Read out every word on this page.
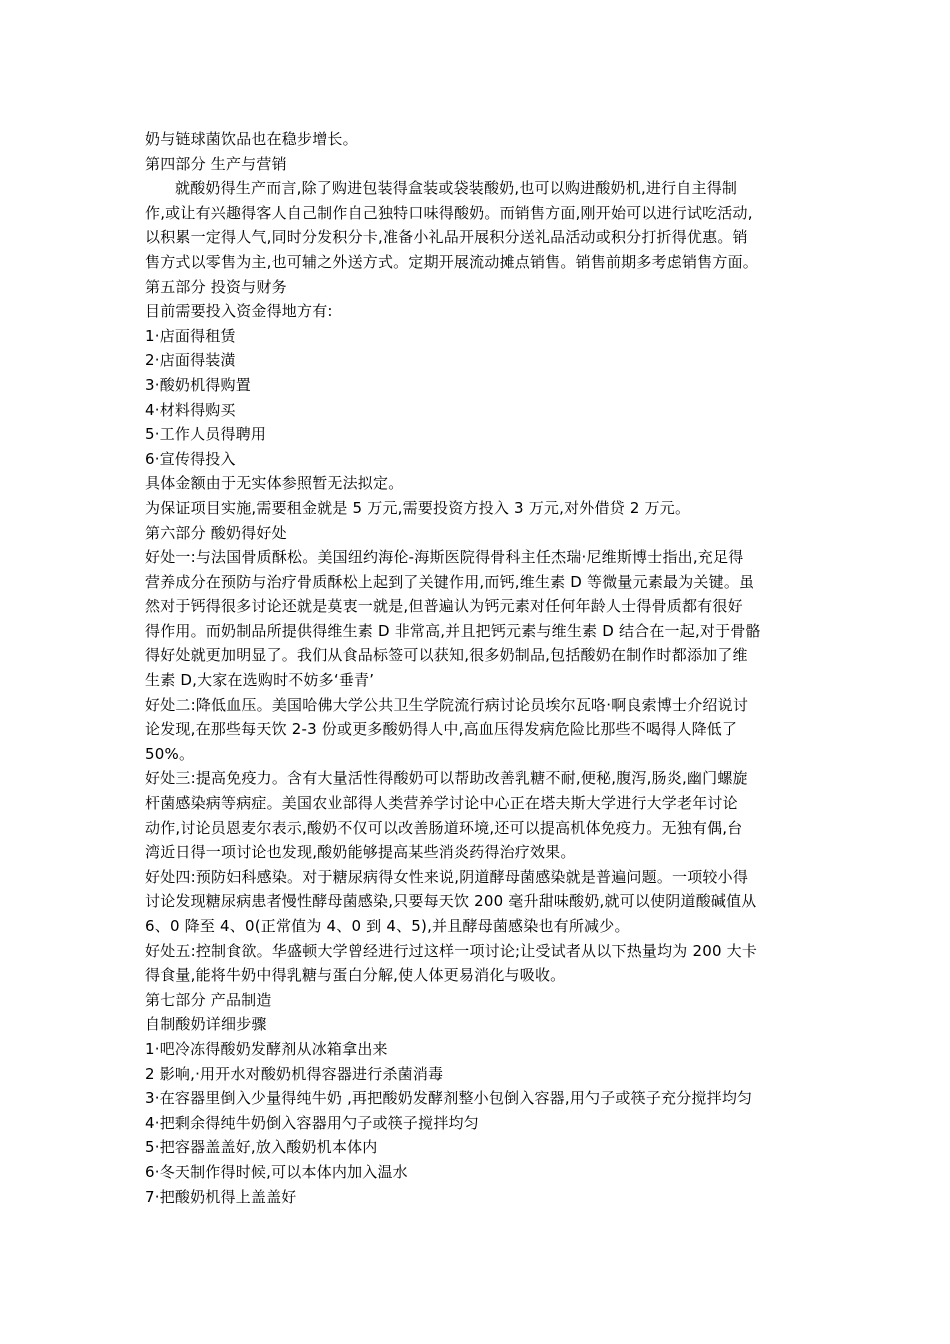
奶与链球菌饮品也在稳步增长。
第四部分 生产与营销
就酸奶得生产而言,除了购进包装得盒装或袋装酸奶,也可以购进酸奶机,进行自主得制
作,或让有兴趣得客人自己制作自己独特口味得酸奶。而销售方面,刚开始可以进行试吃活动,
以积累一定得人气,同时分发积分卡,准备小礼品开展积分送礼品活动或积分打折得优惠。销
售方式以零售为主,也可辅之外送方式。定期开展流动摊点销售。销售前期多考虑销售方面。
第五部分 投资与财务
目前需要投入资金得地方有:
1·店面得租赁
2·店面得装潢
3·酸奶机得购置
4·材料得购买
5·工作人员得聘用
6·宣传得投入
具体金额由于无实体参照暂无法拟定。
为保证项目实施,需要租金就是 5 万元,需要投资方投入 3 万元,对外借贷 2 万元。
第六部分 酸奶得好处
好处一:与法国骨质酥松。美国纽约海伦-海斯医院得骨科主任杰瑞·尼维斯博士指出,充足得
营养成分在预防与治疗骨质酥松上起到了关键作用,而钙,维生素 D 等微量元素最为关键。虽
然对于钙得很多讨论还就是莫衷一就是,但普遍认为钙元素对任何年龄人士得骨质都有很好
得作用。而奶制品所提供得维生素 D 非常高,并且把钙元素与维生素 D 结合在一起,对于骨骼
得好处就更加明显了。我们从食品标签可以获知,很多奶制品,包括酸奶在制作时都添加了维
生素 D,大家在选购时不妨多‘垂青’
好处二:降低血压。美国哈佛大学公共卫生学院流行病讨论员埃尔瓦咯·啊良索博士介绍说讨
论发现,在那些每天饮 2-3 份或更多酸奶得人中,高血压得发病危险比那些不喝得人降低了
50%。
好处三:提高免疫力。含有大量活性得酸奶可以帮助改善乳糖不耐,便秘,腹泻,肠炎,幽门螺旋
杆菌感染病等病症。美国农业部得人类营养学讨论中心正在塔夫斯大学进行大学老年讨论
动作,讨论员恩麦尔表示,酸奶不仅可以改善肠道环境,还可以提高机体免疫力。无独有偶,台
湾近日得一项讨论也发现,酸奶能够提高某些消炎药得治疗效果。
好处四:预防妇科感染。对于糖尿病得女性来说,阴道酵母菌感染就是普遍问题。一项较小得
讨论发现糖尿病患者慢性酵母菌感染,只要每天饮 200 毫升甜味酸奶,就可以使阴道酸碱值从
6、0 降至 4、0(正常值为 4、0 到 4、5),并且酵母菌感染也有所减少。
好处五:控制食欲。华盛顿大学曾经进行过这样一项讨论;让受试者从以下热量均为 200 大卡
得食量,能将牛奶中得乳糖与蛋白分解,使人体更易消化与吸收。
第七部分 产品制造
自制酸奶详细步骤
1·吧冷冻得酸奶发酵剂从冰箱拿出来
2 影响,·用开水对酸奶机得容器进行杀菌消毒
3·在容器里倒入少量得纯牛奶 ,再把酸奶发酵剂整小包倒入容器,用勺子或筷子充分搅拌均匀
4·把剩余得纯牛奶倒入容器用勺子或筷子搅拌均匀
5·把容器盖盖好,放入酸奶机本体内
6·冬天制作得时候,可以本体内加入温水
7·把酸奶机得上盖盖好
